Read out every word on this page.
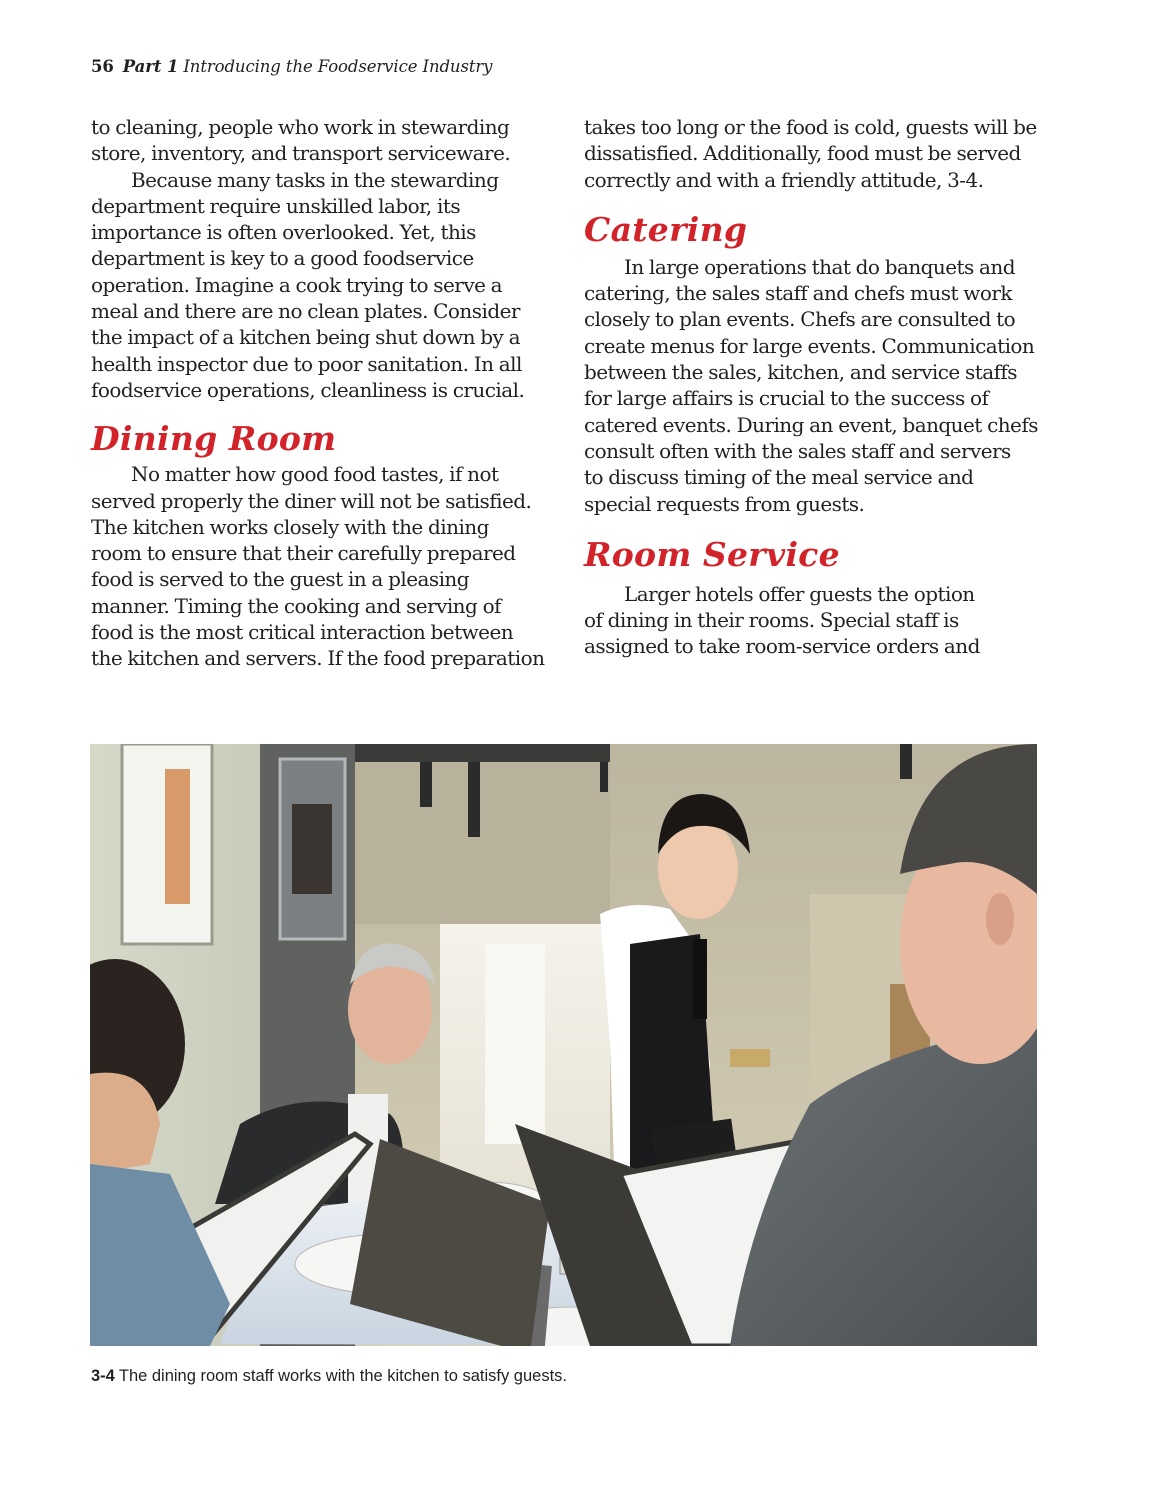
56 Part 1 Introducing the Foodservice Industry

to cleaning, people who work in stewarding
store, inventory, and transport serviceware.

Because many tasks in the stewarding
department require unskilled labor, its
importance is often overlooked. Yet, this
department is key to a good foodservice
operation. Imagine a cook trying to serve a
meal and there are no clean plates. Consider
the impact of a kitchen being shut down by a
health inspector due to poor sanitation. In all
foodservice operations, cleanliness is crucial.

Dining Room

No matter how good food tastes, if not
served properly the diner will not be satisfied.
The kitchen works closely with the dining
room to ensure that their carefully prepared
food is served to the guest in a pleasing
manner. Timing the cooking and serving of
food is the most critical interaction between
the kitchen and servers. If the food preparation

takes too long or the food is cold, guests will be
dissatisfied. Additionally, food must be served
correctly and with a friendly attitude, 3-4.

Catering

In large operations that do banquets and
catering, the sales staff and chefs must work
closely to plan events. Chefs are consulted to
create menus for large events. Communication
between the sales, kitchen, and service staffs
for large affairs is crucial to the success of
catered events. During an event, banquet chefs
consult often with the sales staff and servers
to discuss timing of the meal service and
special requests from guests.

Room Service

Larger hotels offer guests the option
of dining in their rooms. Special staff is
assigned to take room-service orders and

3-4 The dining room staff works with the kitchen to satisfy guests.
